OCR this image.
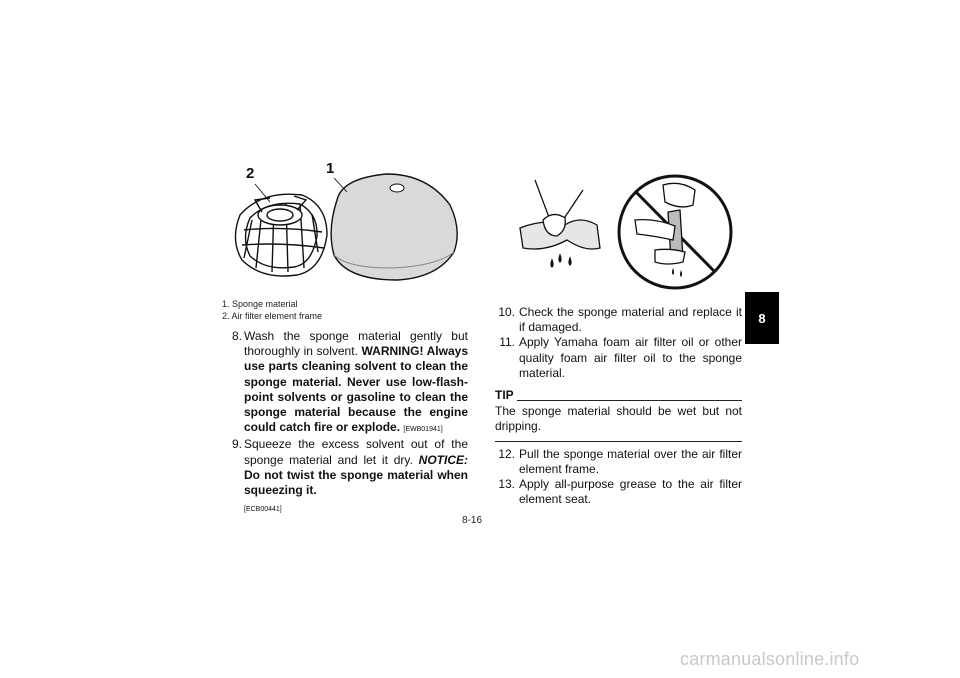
2	1
1. Sponge material
2. Air filter element frame
8. Wash the sponge material gently but thoroughly in solvent. WARNING! Always use parts cleaning solvent to clean the sponge material. Never use low-flash-point solvents or gasoline to clean the sponge material because the engine could catch fire or explode. [EWB01941]
9. Squeeze the excess solvent out of the sponge material and let it dry. NOTICE: Do not twist the sponge material when squeezing it.
[ECB00441]
10. Check the sponge material and replace it if damaged.
11. Apply Yamaha foam air filter oil or other quality foam air filter oil to the sponge material.
TIP
The sponge material should be wet but not dripping.
12. Pull the sponge material over the air filter element frame.
13. Apply all-purpose grease to the air filter element seat.
8
8-16
carmanualsonline.info
